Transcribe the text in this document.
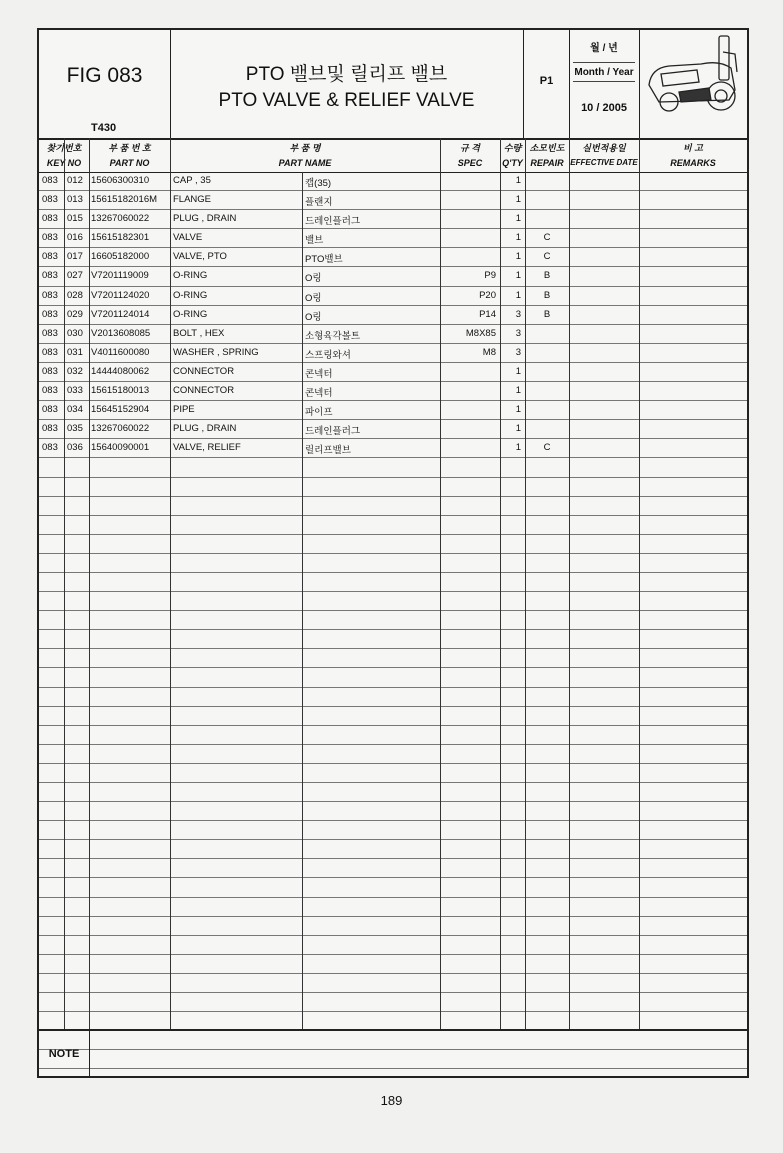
FIG 083
T430
PTO 밸브및 릴리프 밸브
PTO VALVE & RELIEF VALVE
P1
월 / 년
Month / Year
10 / 2005
찾기번호
KEY NO
부 품 번 호
PART NO
부 품 명
PART NAME
규 격
SPEC
수량
Q'TY
소모빈도
REPAIR
실번적용일
EFFECTIVE DATE
비 고
REMARKS
083 012 15606300310	CAP , 35	캡(35)	1
083 013 15615182016M	FLANGE	플랜지	1
083 015 13267060022	PLUG , DRAIN	드레인플러그	1
083 016 15615182301	VALVE	밸브	1	C
083 017 16605182000	VALVE, PTO	PTO밸브	1	C
083 027 V7201119009	O-RING	O링	P9	1	B
083 028 V7201124020	O-RING	O링	P20	1	B
083 029 V7201124014	O-RING	O링	P14	3	B
083 030 V2013608085	BOLT , HEX	소형육각볼트	M8X85	3
083 031 V4011600080	WASHER , SPRING	스프링와셔	M8	3
083 032 14444080062	CONNECTOR	콘넥터	1
083 033 15615180013	CONNECTOR	콘넥터	1
083 034 15645152904	PIPE	파이프	1
083 035 13267060022	PLUG , DRAIN	드레인플러그	1
083 036 15640090001	VALVE, RELIEF	릴리프밸브	1	C
NOTE
189
